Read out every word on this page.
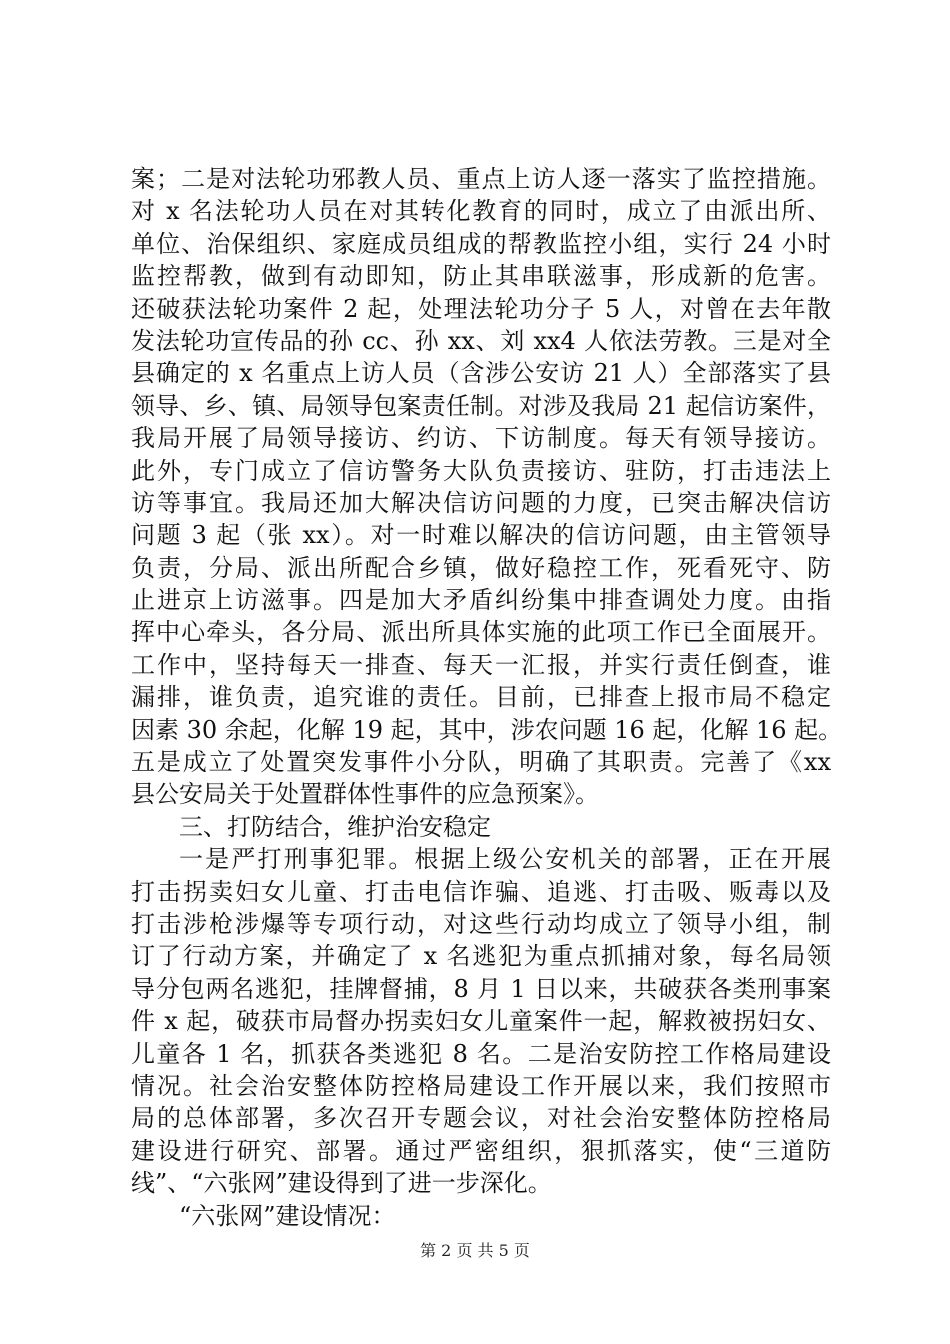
案；二是对法轮功邪教人员、重点上访人逐一落实了监控措施。
对 x 名法轮功人员在对其转化教育的同时，成立了由派出所、
单位、治保组织、家庭成员组成的帮教监控小组，实行 24 小时
监控帮教，做到有动即知，防止其串联滋事，形成新的危害。
还破获法轮功案件 2 起，处理法轮功分子 5 人，对曾在去年散
发法轮功宣传品的孙 cc、孙 xx、刘 xx4 人依法劳教。三是对全
县确定的 x 名重点上访人员（含涉公安访 21 人）全部落实了县
领导、乡、镇、局领导包案责任制。对涉及我局 21 起信访案件，
我局开展了局领导接访、约访、下访制度。每天有领导接访。
此外，专门成立了信访警务大队负责接访、驻防，打击违法上
访等事宜。我局还加大解决信访问题的力度，已突击解决信访
问题 3 起（张 xx）。对一时难以解决的信访问题，由主管领导
负责，分局、派出所配合乡镇，做好稳控工作，死看死守、防
止进京上访滋事。四是加大矛盾纠纷集中排查调处力度。由指
挥中心牵头，各分局、派出所具体实施的此项工作已全面展开。
工作中，坚持每天一排查、每天一汇报，并实行责任倒查，谁
漏排，谁负责，追究谁的责任。目前，已排查上报市局不稳定
因素 30 余起，化解 19 起，其中，涉农问题 16 起，化解 16 起。
五是成立了处置突发事件小分队，明确了其职责。完善了《xx
县公安局关于处置群体性事件的应急预案》。
三、打防结合，维护治安稳定
一是严打刑事犯罪。根据上级公安机关的部署，正在开展
打击拐卖妇女儿童、打击电信诈骗、追逃、打击吸、贩毒以及
打击涉枪涉爆等专项行动，对这些行动均成立了领导小组，制
订了行动方案，并确定了 x 名逃犯为重点抓捕对象，每名局领
导分包两名逃犯，挂牌督捕，8 月 1 日以来，共破获各类刑事案
件 x 起，破获市局督办拐卖妇女儿童案件一起，解救被拐妇女、
儿童各 1 名，抓获各类逃犯 8 名。二是治安防控工作格局建设
情况。社会治安整体防控格局建设工作开展以来，我们按照市
局的总体部署，多次召开专题会议，对社会治安整体防控格局
建设进行研究、部署。通过严密组织，狠抓落实，使“三道防
线”、“六张网”建设得到了进一步深化。
“六张网”建设情况：
第 2 页 共 5 页
